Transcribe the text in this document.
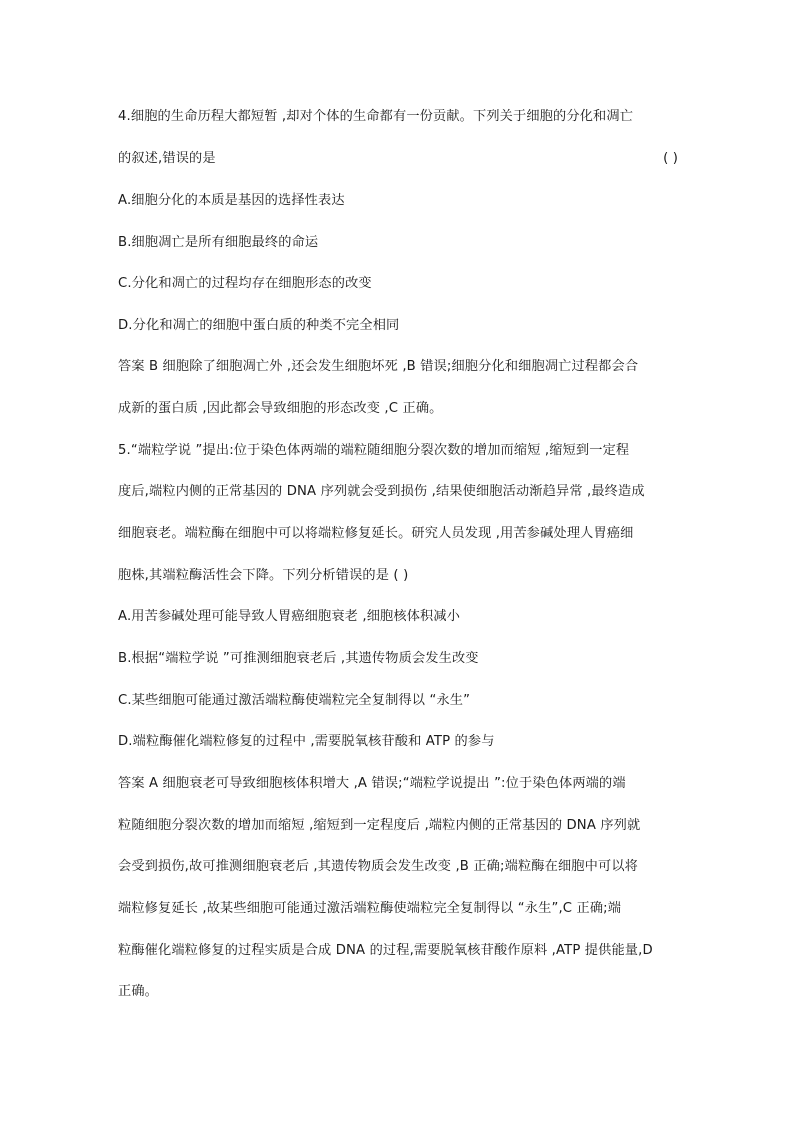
4.细胞的生命历程大都短暂 ,却对个体的生命都有一份贡献。下列关于细胞的分化和凋亡
的叙述,错误的是	( )
A.细胞分化的本质是基因的选择性表达
B.细胞凋亡是所有细胞最终的命运
C.分化和凋亡的过程均存在细胞形态的改变
D.分化和凋亡的细胞中蛋白质的种类不完全相同
答案 B 细胞除了细胞凋亡外 ,还会发生细胞坏死 ,B 错误;细胞分化和细胞凋亡过程都会合
成新的蛋白质 ,因此都会导致细胞的形态改变 ,C 正确。
5.“端粒学说 ”提出:位于染色体两端的端粒随细胞分裂次数的增加而缩短 ,缩短到一定程
度后,端粒内侧的正常基因的 DNA 序列就会受到损伤 ,结果使细胞活动渐趋异常 ,最终造成
细胞衰老。端粒酶在细胞中可以将端粒修复延长。研究人员发现 ,用苦参碱处理人胃癌细
胞株,其端粒酶活性会下降。下列分析错误的是 ( )
A.用苦参碱处理可能导致人胃癌细胞衰老 ,细胞核体积减小
B.根据“端粒学说 ”可推测细胞衰老后 ,其遗传物质会发生改变
C.某些细胞可能通过激活端粒酶使端粒完全复制得以 “永生”
D.端粒酶催化端粒修复的过程中 ,需要脱氧核苷酸和 ATP 的参与
答案 A 细胞衰老可导致细胞核体积增大 ,A 错误;“端粒学说提出 ”:位于染色体两端的端
粒随细胞分裂次数的增加而缩短 ,缩短到一定程度后 ,端粒内侧的正常基因的 DNA 序列就
会受到损伤,故可推测细胞衰老后 ,其遗传物质会发生改变 ,B 正确;端粒酶在细胞中可以将
端粒修复延长 ,故某些细胞可能通过激活端粒酶使端粒完全复制得以 “永生”,C 正确;端
粒酶催化端粒修复的过程实质是合成 DNA 的过程,需要脱氧核苷酸作原料 ,ATP 提供能量,D
正确。
